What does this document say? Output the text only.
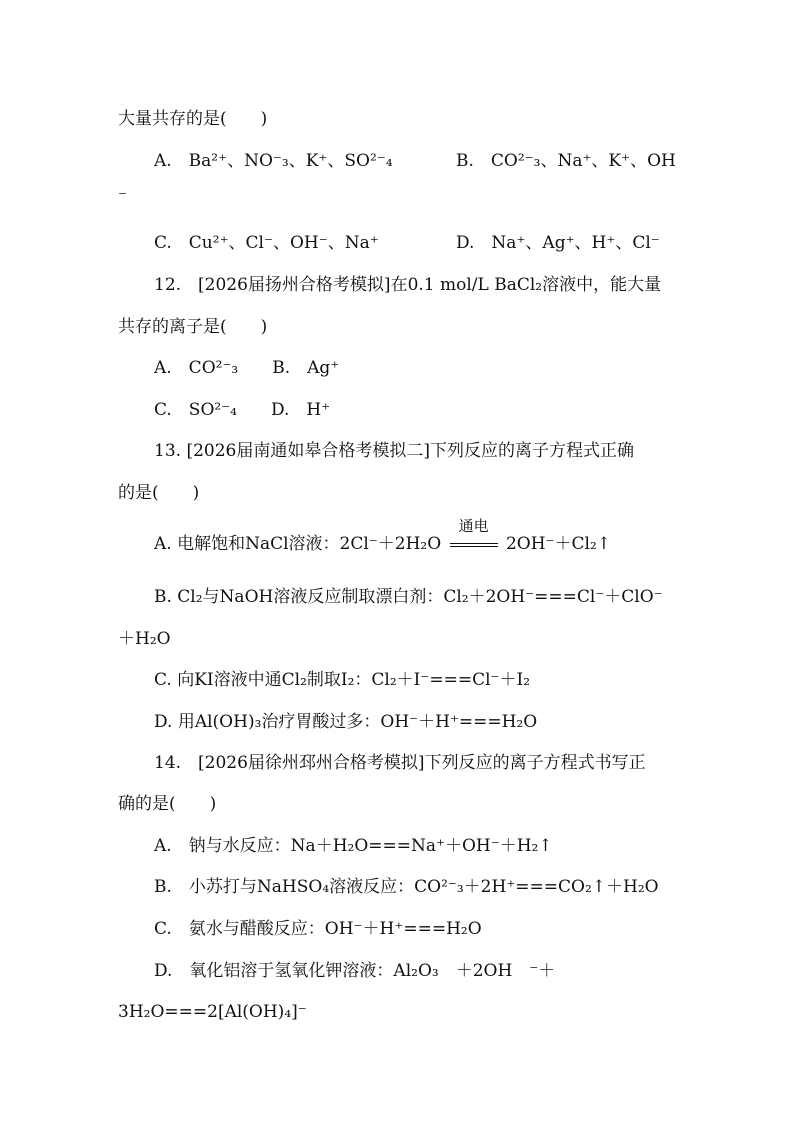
大量共存的是(　　)
A.　Ba²⁺、NO⁻₃、K⁺、SO²⁻₄	B.　CO²⁻₃、Na⁺、K⁺、OH
⁻
C.　Cu²⁺、Cl⁻、OH⁻、Na⁺	D.　Na⁺、Ag⁺、H⁺、Cl⁻
12.　[2026届扬州合格考模拟]在0.1 mol/L BaCl₂溶液中，能大量
共存的离子是(　　)
A.　CO²⁻₃　　B.　Ag⁺
C.　SO²⁻₄　　D.　H⁺
13. [2026届南通如皋合格考模拟二]下列反应的离子方程式正确
的是(　　)
A. 电解饱和NaCl溶液：2Cl⁻＋2H₂O
通电
2OH⁻＋Cl₂↑
B. Cl₂与NaOH溶液反应制取漂白剂：Cl₂＋2OH⁻===Cl⁻＋ClO⁻
＋H₂O
C. 向KI溶液中通Cl₂制取I₂：Cl₂＋I⁻===Cl⁻＋I₂
D. 用Al(OH)₃治疗胃酸过多：OH⁻＋H⁺===H₂O
14.　[2026届徐州邳州合格考模拟]下列反应的离子方程式书写正
确的是(　　)
A.　钠与水反应：Na＋H₂O===Na⁺＋OH⁻＋H₂↑
B.　小苏打与NaHSO₄溶液反应：CO²⁻₃＋2H⁺===CO₂↑＋H₂O
C.　氨水与醋酸反应：OH⁻＋H⁺===H₂O
D.　氧化铝溶于氢氧化钾溶液：Al₂O₃　＋2OH　⁻＋
3H₂O===2[Al(OH)₄]⁻
